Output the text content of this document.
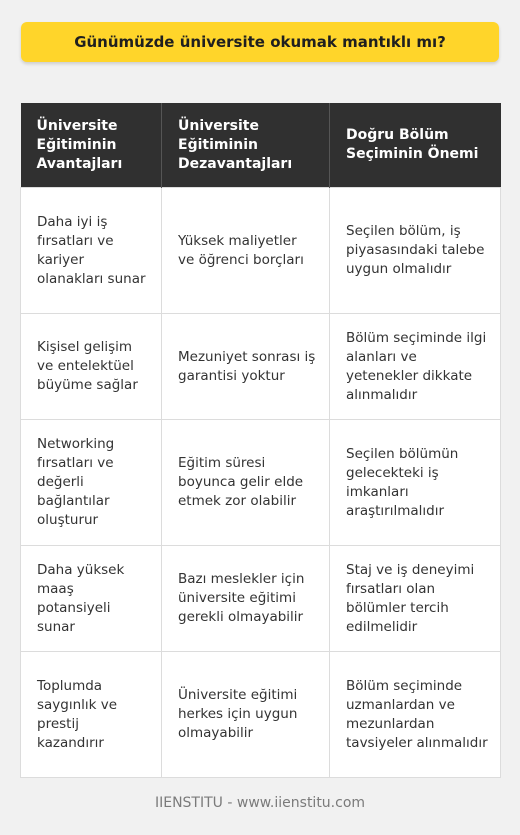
Günümüzde üniversite okumak mantıklı mı?
Üniversite Eğitiminin Avantajları	Üniversite Eğitiminin Dezavantajları	Doğru Bölüm Seçiminin Önemi
Daha iyi iş fırsatları ve kariyer olanakları sunar	Yüksek maliyetler ve öğrenci borçları	Seçilen bölüm, iş piyasasındaki talebe uygun olmalıdır
Kişisel gelişim ve entelektüel büyüme sağlar	Mezuniyet sonrası iş garantisi yoktur	Bölüm seçiminde ilgi alanları ve yetenekler dikkate alınmalıdır
Networking fırsatları ve değerli bağlantılar oluşturur	Eğitim süresi boyunca gelir elde etmek zor olabilir	Seçilen bölümün gelecekteki iş imkanları araştırılmalıdır
Daha yüksek maaş potansiyeli sunar	Bazı meslekler için üniversite eğitimi gerekli olmayabilir	Staj ve iş deneyimi fırsatları olan bölümler tercih edilmelidir
Toplumda saygınlık ve prestij kazandırır	Üniversite eğitimi herkes için uygun olmayabilir	Bölüm seçiminde uzmanlardan ve mezunlardan tavsiyeler alınmalıdır
IIENSTITU - www.iienstitu.com
